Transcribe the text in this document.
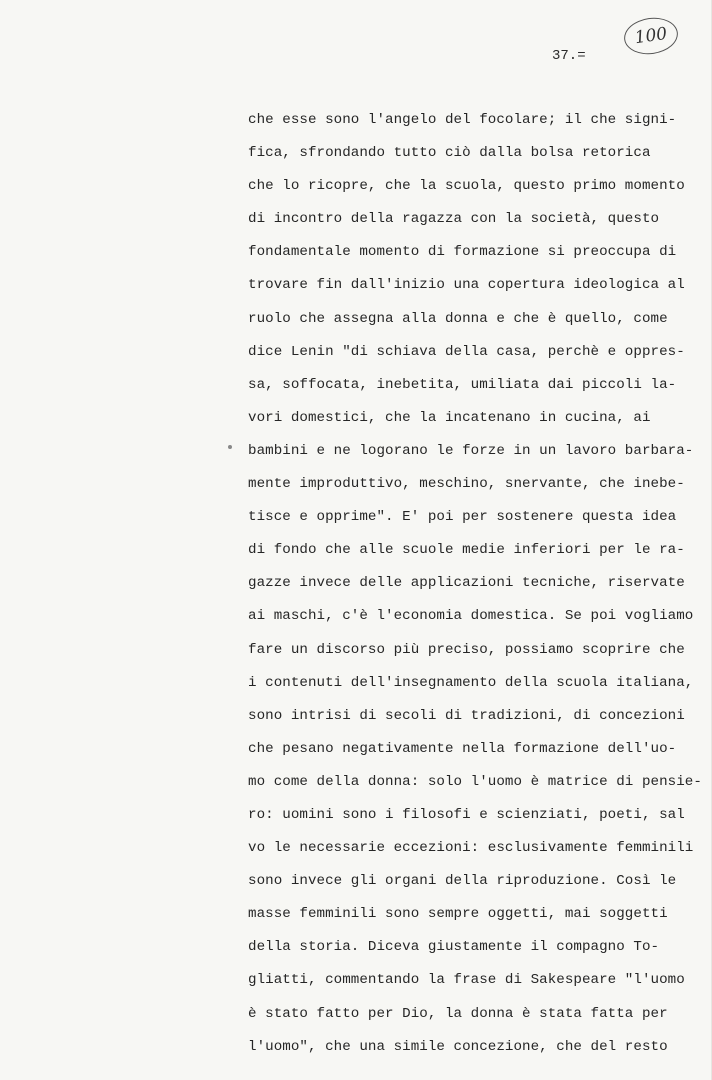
100
37.=
che esse sono l'angelo del focolare; il che signi-
fica, sfrondando tutto ciò dalla bolsa retorica
che lo ricopre, che la scuola, questo primo momento
di incontro della ragazza con la società, questo
fondamentale momento di formazione si preoccupa di
trovare fin dall'inizio una copertura ideologica al
ruolo che assegna alla donna e che è quello, come
dice Lenin "di schiava della casa, perchè e oppres-
sa, soffocata, inebetita, umiliata dai piccoli la-
vori domestici, che la incatenano in cucina, ai
bambini e ne logorano le forze in un lavoro barbara-
mente improduttivo, meschino, snervante, che inebe-
tisce e opprime". E' poi per sostenere questa idea
di fondo che alle scuole medie inferiori per le ra-
gazze invece delle applicazioni tecniche, riservate
ai maschi, c'è l'economia domestica. Se poi vogliamo
fare un discorso più preciso, possiamo scoprire che
i contenuti dell'insegnamento della scuola italiana,
sono intrisi di secoli di tradizioni, di concezioni
che pesano negativamente nella formazione dell'uo-
mo come della donna: solo l'uomo è matrice di pensie-
ro: uomini sono i filosofi e scienziati, poeti, sal
vo le necessarie eccezioni: esclusivamente femminili
sono invece gli organi della riproduzione. Così le
masse femminili sono sempre oggetti, mai soggetti
della storia. Diceva giustamente il compagno To-
gliatti, commentando la frase di Sakespeare "l'uomo
è stato fatto per Dio, la donna è stata fatta per
l'uomo", che una simile concezione, che del resto
